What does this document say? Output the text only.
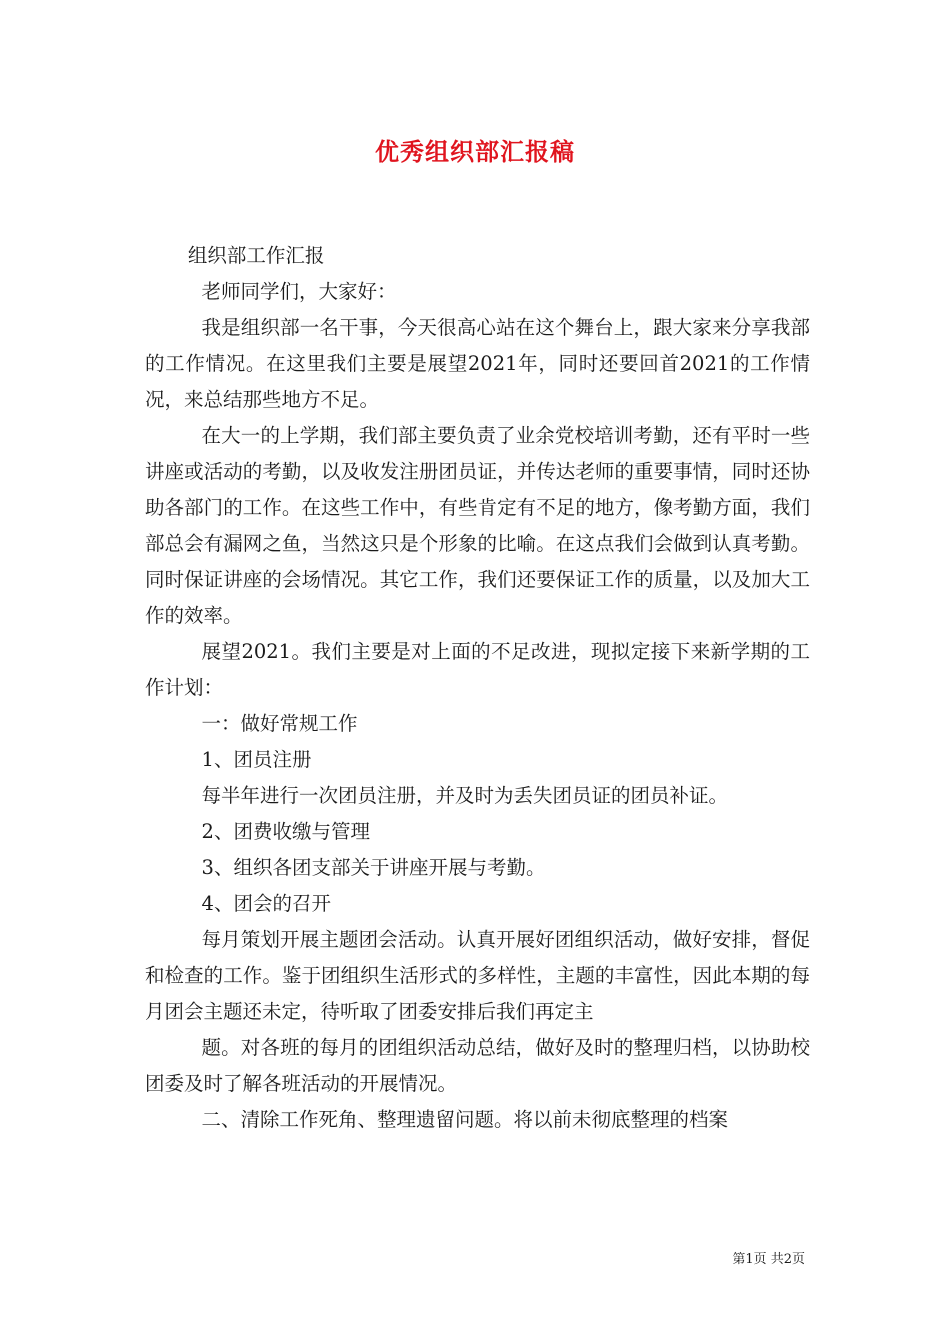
优秀组织部汇报稿

组织部工作汇报

老师同学们，大家好：

我是组织部一名干事，今天很高心站在这个舞台上，跟大家来分享我部的工作情况。在这里我们主要是展望2021年，同时还要回首2021的工作情况，来总结那些地方不足。

在大一的上学期，我们部主要负责了业余党校培训考勤，还有平时一些讲座或活动的考勤，以及收发注册团员证，并传达老师的重要事情，同时还协助各部门的工作。在这些工作中，有些肯定有不足的地方，像考勤方面，我们部总会有漏网之鱼，当然这只是个形象的比喻。在这点我们会做到认真考勤。同时保证讲座的会场情况。其它工作，我们还要保证工作的质量，以及加大工作的效率。

展望2021。我们主要是对上面的不足改进，现拟定接下来新学期的工作计划：

一：做好常规工作

1、团员注册

每半年进行一次团员注册，并及时为丢失团员证的团员补证。

2、团费收缴与管理

3、组织各团支部关于讲座开展与考勤。

4、团会的召开

每月策划开展主题团会活动。认真开展好团组织活动，做好安排，督促和检查的工作。鉴于团组织生活形式的多样性，主题的丰富性，因此本期的每月团会主题还未定，待听取了团委安排后我们再定主

题。对各班的每月的团组织活动总结，做好及时的整理归档，以协助校团委及时了解各班活动的开展情况。

二、清除工作死角、整理遗留问题。将以前未彻底整理的档案

第1页 共2页
